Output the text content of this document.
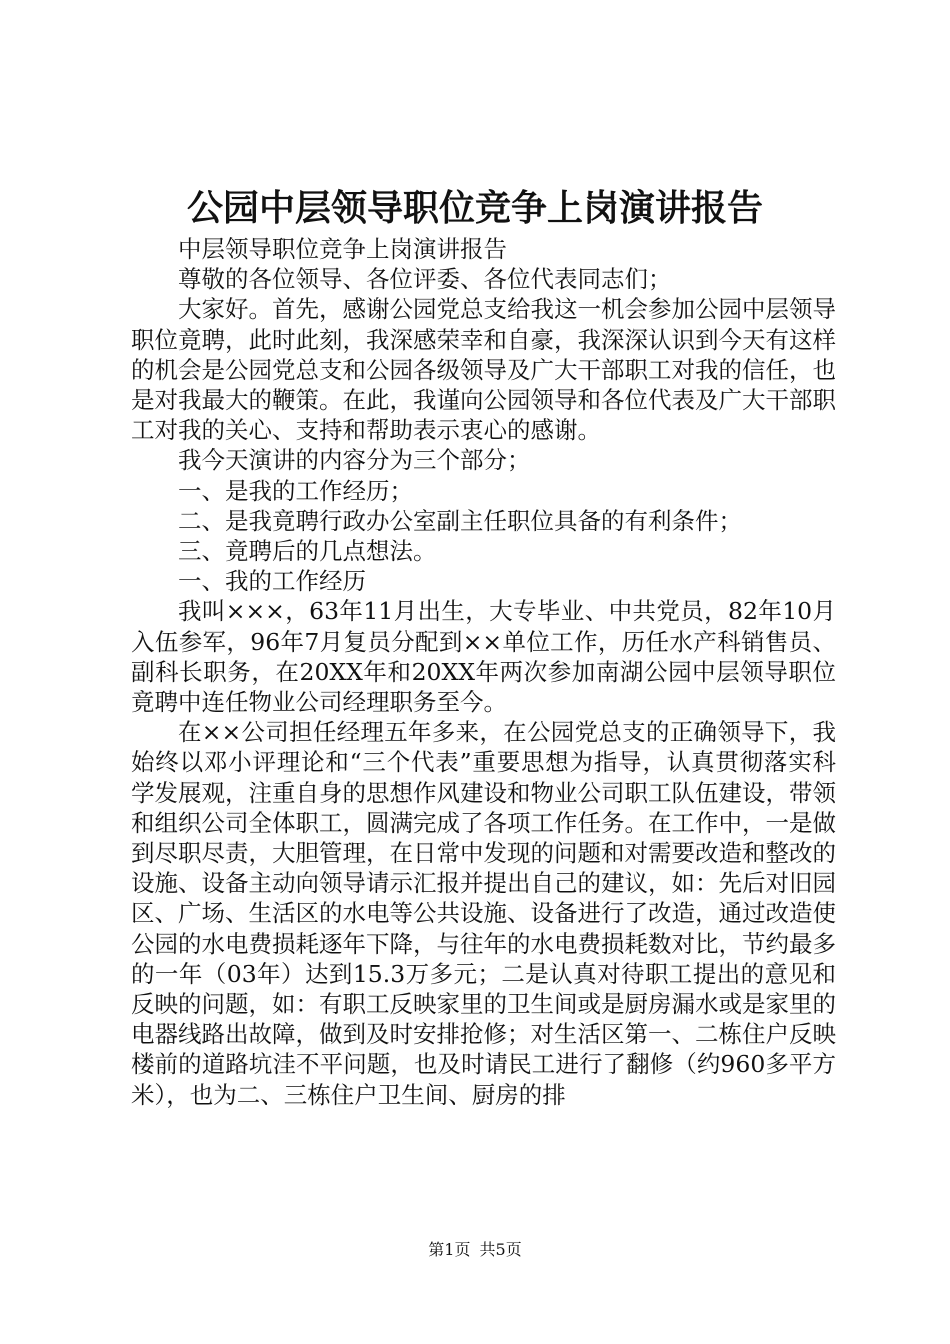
公园中层领导职位竞争上岗演讲报告

中层领导职位竞争上岗演讲报告

尊敬的各位领导、各位评委、各位代表同志们；

大家好。首先，感谢公园党总支给我这一机会参加公园中层领导职位竟聘，此时此刻，我深感荣幸和自豪，我深深认识到今天有这样的机会是公园党总支和公园各级领导及广大干部职工对我的信任，也是对我最大的鞭策。在此，我谨向公园领导和各位代表及广大干部职工对我的关心、支持和帮助表示衷心的感谢。

我今天演讲的内容分为三个部分；

一、是我的工作经历；

二、是我竟聘行政办公室副主任职位具备的有利条件；

三、竟聘后的几点想法。

一、我的工作经历

我叫×××，63年11月出生，大专毕业、中共党员，82年10月入伍参军，96年7月复员分配到××单位工作，历任水产科销售员、副科长职务，在20XX年和20XX年两次参加南湖公园中层领导职位竟聘中连任物业公司经理职务至今。

在××公司担任经理五年多来，在公园党总支的正确领导下，我始终以邓小评理论和“三个代表”重要思想为指导，认真贯彻落实科学发展观，注重自身的思想作风建设和物业公司职工队伍建设，带领和组织公司全体职工，圆满完成了各项工作任务。在工作中，一是做到尽职尽责，大胆管理，在日常中发现的问题和对需要改造和整改的设施、设备主动向领导请示汇报并提出自己的建议，如：先后对旧园区、广场、生活区的水电等公共设施、设备进行了改造，通过改造使公园的水电费损耗逐年下降，与往年的水电费损耗数对比，节约最多的一年（03年）达到15.3万多元；二是认真对待职工提出的意见和反映的问题，如：有职工反映家里的卫生间或是厨房漏水或是家里的电器线路出故障，做到及时安排抢修；对生活区第一、二栋住户反映楼前的道路坑洼不平问题，也及时请民工进行了翻修（约960多平方米），也为二、三栋住户卫生间、厨房的排

第1页 共5页
